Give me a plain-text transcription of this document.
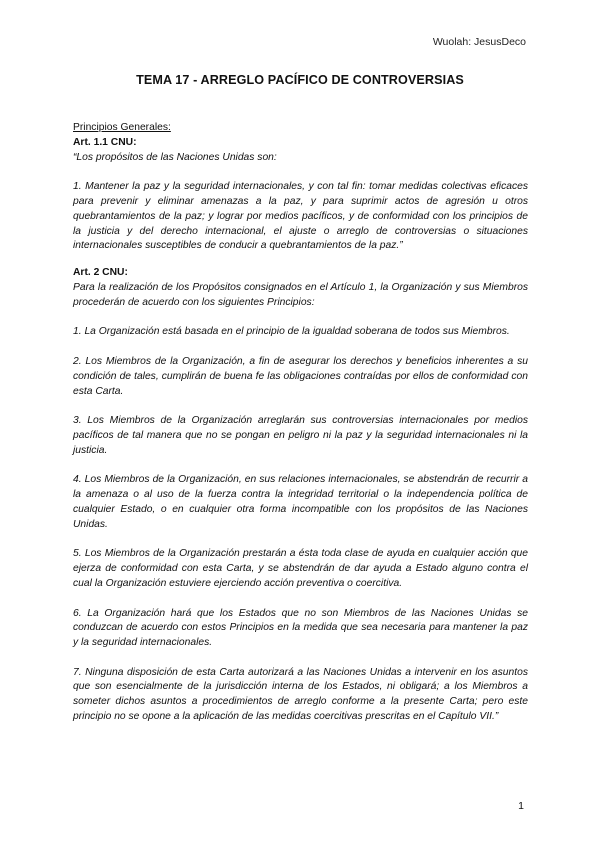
Wuolah: JesusDeco
TEMA 17 - ARREGLO PACÍFICO DE CONTROVERSIAS

Principios Generales:

Art. 1.1 CNU:

“Los propósitos de las Naciones Unidas son:

1. Mantener la paz y la seguridad internacionales, y con tal fin: tomar medidas colectivas eficaces para prevenir y eliminar amenazas a la paz, y para suprimir actos de agresión u otros quebrantamientos de la paz; y lograr por medios pacíficos, y de conformidad con los principios de la justicia y del derecho internacional, el ajuste o arreglo de controversias o situaciones internacionales susceptibles de conducir a quebrantamientos de la paz.”

Art. 2 CNU:

Para la realización de los Propósitos consignados en el Artículo 1, la Organización y sus Miembros procederán de acuerdo con los siguientes Principios:

1. La Organización está basada en el principio de la igualdad soberana de todos sus Miembros.

2. Los Miembros de la Organización, a fin de asegurar los derechos y beneficios inherentes a su condición de tales, cumplirán de buena fe las obligaciones contraídas por ellos de conformidad con esta Carta.

3. Los Miembros de la Organización arreglarán sus controversias internacionales por medios pacíficos de tal manera que no se pongan en peligro ni la paz y la seguridad internacionales ni la justicia.

4. Los Miembros de la Organización, en sus relaciones internacionales, se abstendrán de recurrir a la amenaza o al uso de la fuerza contra la integridad territorial o la independencia política de cualquier Estado, o en cualquier otra forma incompatible con los propósitos de las Naciones Unidas.

5. Los Miembros de la Organización prestarán a ésta toda clase de ayuda en cualquier acción que ejerza de conformidad con esta Carta, y se abstendrán de dar ayuda a Estado alguno contra el cual la Organización estuviere ejerciendo acción preventiva o coercitiva.

6. La Organización hará que los Estados que no son Miembros de las Naciones Unidas se conduzcan de acuerdo con estos Principios en la medida que sea necesaria para mantener la paz y la seguridad internacionales.

7. Ninguna disposición de esta Carta autorizará a las Naciones Unidas a intervenir en los asuntos que son esencialmente de la jurisdicción interna de los Estados, ni obligará; a los Miembros a someter dichos asuntos a procedimientos de arreglo conforme a la presente Carta; pero este principio no se opone a la aplicación de las medidas coercitivas prescritas en el Capítulo VII.”

1
